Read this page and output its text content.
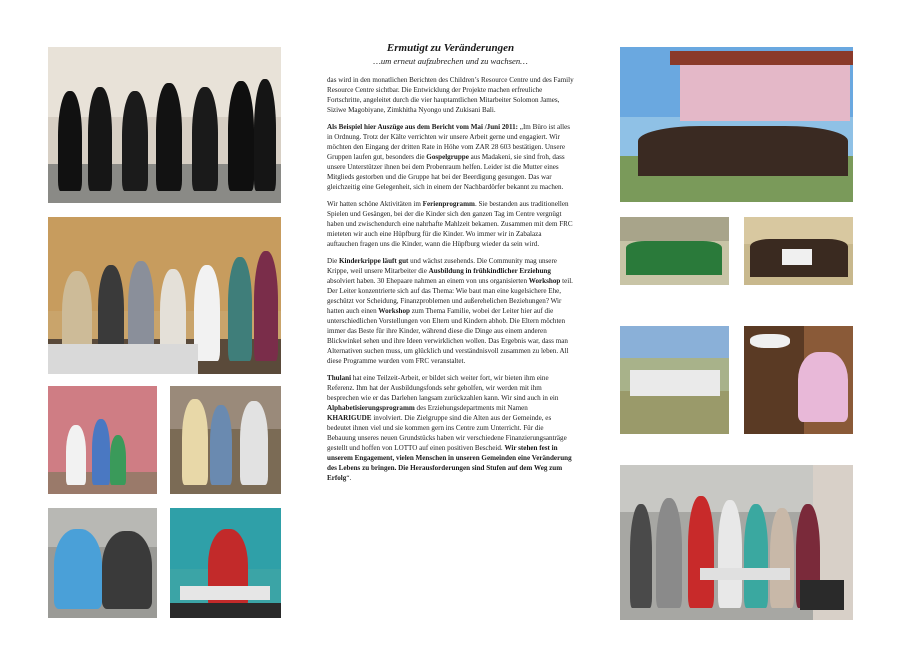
Ermutigt zu Veränderungen

…um erneut aufzubrechen und zu wachsen…

das wird in den monatlichen Berichten des Children’s Resource Centre und des Family Resource Centre sichtbar. Die Entwicklung der Projekte machen erfreuliche Fortschritte, angeleitet durch die vier hauptamtlichen Mitarbeiter Solomon James, Siziwe Magobiyane, Zimkhitha Nyongo und Zukisani Bali.

Als Beispiel hier Auszüge aus dem Bericht vom Mai /Juni 2011: „Im Büro ist alles in Ordnung. Trotz der Kälte verrichten wir unsere Arbeit gerne und engagiert. Wir möchten den Eingang der dritten Rate in Höhe vom ZAR 28 603 bestätigen. Unsere Gruppen laufen gut, besonders die Gospelgruppe aus Madakeni, sie sind froh, dass unsere Unterstützer ihnen bei dem Probenraum helfen. Leider ist die Mutter eines Mitglieds gestorben und die Gruppe hat bei der Beerdigung gesungen. Das war gleichzeitig eine Gelegenheit, sich in einem der Nachbardörfer bekannt zu machen.

Wir hatten schöne Aktivitäten im Ferienprogramm. Sie bestanden aus traditionellen Spielen und Gesängen, bei der die Kinder sich den ganzen Tag im Centre vergnügt haben und zwischendurch eine nahrhafte Mahlzeit bekamen. Zusammen mit dem FRC mieteten wir auch eine Hüpfburg für die Kinder. Wo immer wir in Zabalaza auftauchen fragen uns die Kinder, wann die Hüpfburg wieder da sein wird.

Die Kinderkrippe läuft gut und wächst zusehends. Die Community mag unsere Krippe, weil unsere Mitarbeiter die Ausbildung in frühkindlicher Erziehung absolviert haben. 30 Ehepaare nahmen an einem von uns organisierten Workshop teil. Der Leiter konzentrierte sich auf das Thema: Wie baut man eine kugelsichere Ehe, geschützt vor Scheidung, Finanzproblemen und außerehelichen Beziehungen? Wir hatten auch einen Workshop zum Thema Familie, wobei der Leiter hier auf die unterschiedlichen Vorstellungen von Eltern und Kindern abhob. Die Eltern möchten immer das Beste für ihre Kinder, während diese die Dinge aus einem anderen Blickwinkel sehen und ihre Ideen verwirklichen wollen. Das Ergebnis war, dass man Alternativen suchen muss, um glücklich und verständnisvoll zusammen zu leben. All diese Programme wurden vom FRC veranstaltet.

Thulani hat eine Teilzeit-Arbeit, er bildet sich weiter fort, wir bieten ihm eine Referenz. Ihm hat der Ausbildungsfonds sehr geholfen, wir werden mit ihm besprechen wie er das Darlehen langsam zurückzahlen kann. Wir sind auch in ein Alphabetisierungsprogramm des Erziehungsdepartments mit Namen KHARIGUDE involviert. Die Zielgruppe sind die Alten aus der Gemeinde, es bedeutet ihnen viel und sie kommen gern ins Centre zum Unterricht. Für die Bebauung unseres neuen Grundstücks haben wir verschiedene Finanzierungsanträge gestellt und hoffen von LOTTO auf einen positiven Bescheid. Wir stehen fest in unserem Engagement, vielen Menschen in unseren Gemeinden eine Veränderung des Lebens zu bringen. Die Herausforderungen sind Stufen auf dem Weg zum Erfolg“.
